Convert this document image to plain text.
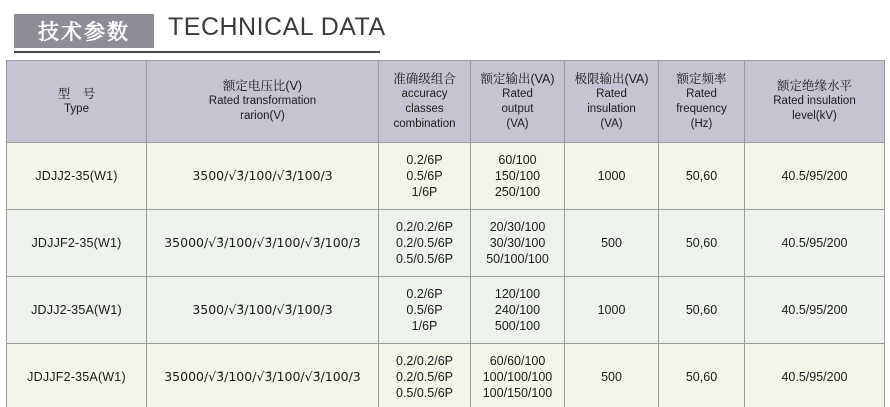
技术参数	TECHNICAL DATA
型　号
Type	额定电压比(V)
Rated transformation
rarion(V)	准确级组合
accuracy
classes
combination	额定输出(VA)
Rated
output
(VA)	极限输出(VA)
Rated
insulation
(VA)	额定频率
Rated
frequency
(Hz)	额定绝缘水平
Rated insulation
level(kV)

JDJJ2-35(W1)	3500/√3̄/100/√3̄/100/3	0.2/6P
0.5/6P
1/6P	60/100
150/100
250/100	1000	50,60	40.5/95/200
JDJJF2-35(W1)	35000/√3̄/100/√3̄/100/√3̄/100/3	0.2/0.2/6P
0.2/0.5/6P
0.5/0.5/6P	20/30/100
30/30/100
50/100/100	500	50,60	40.5/95/200
JDJJ2-35A(W1)	3500/√3̄/100/√3̄/100/3	0.2/6P
0.5/6P
1/6P	120/100
240/100
500/100	1000	50,60	40.5/95/200
JDJJF2-35A(W1)	35000/√3̄/100/√3̄/100/√3̄/100/3	0.2/0.2/6P
0.2/0.5/6P
0.5/0.5/6P	60/60/100
100/100/100
100/150/100	500	50,60	40.5/95/200
